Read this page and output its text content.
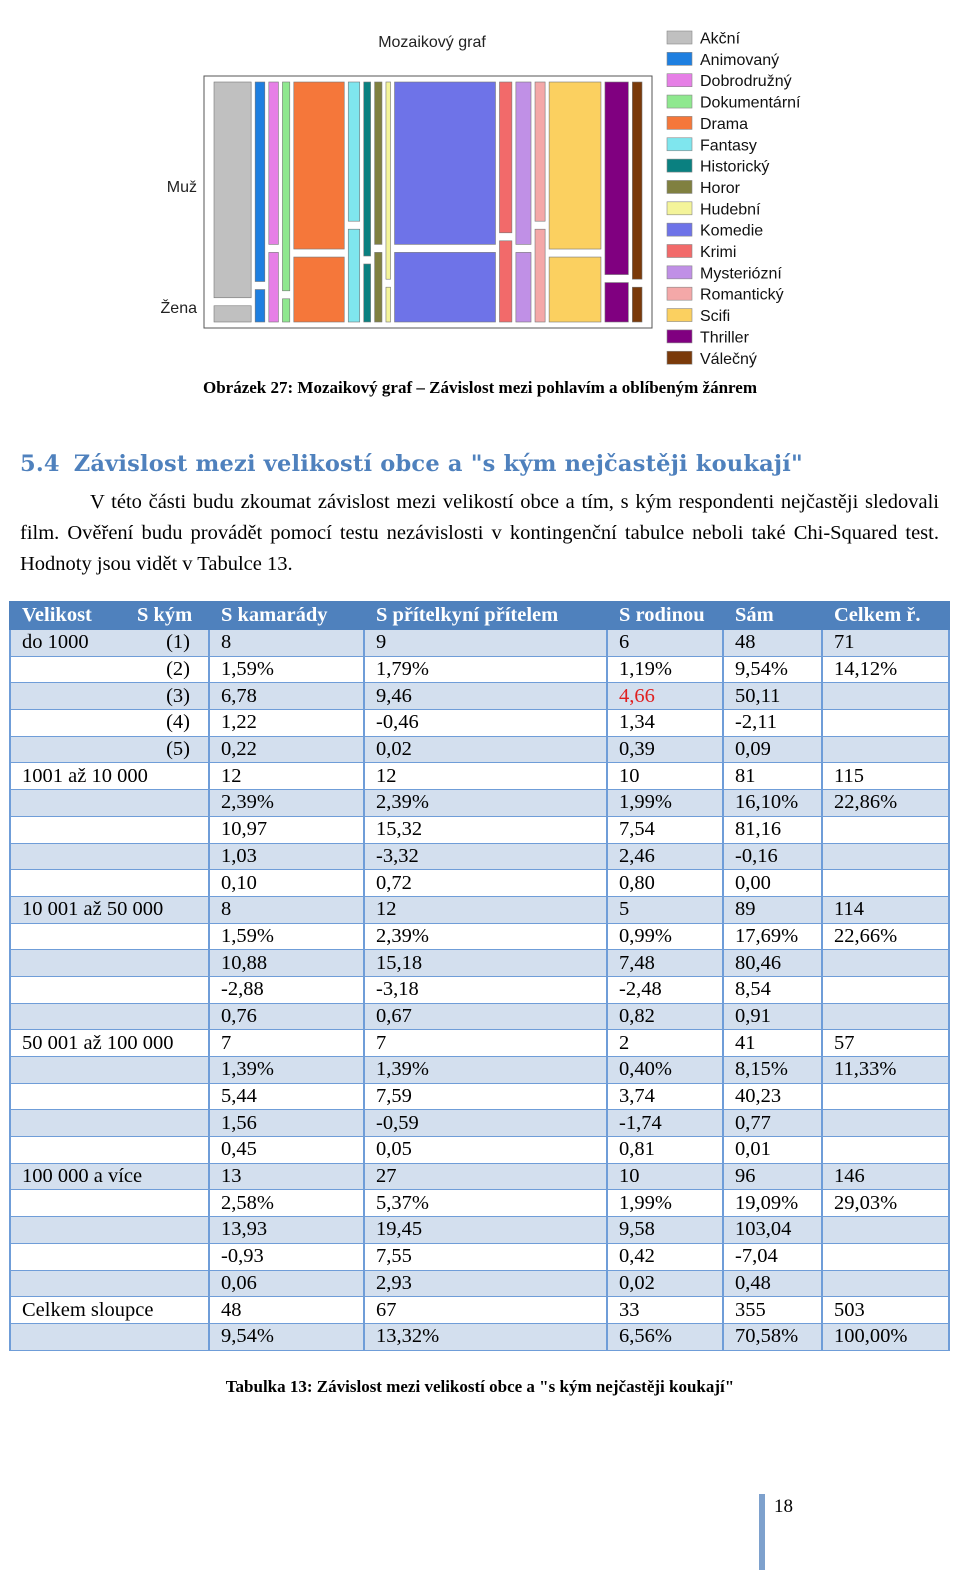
Mozaikový graf
Muž
Žena
Akční
Animovaný
Dobrodružný
Dokumentární
Drama
Fantasy
Historický
Horor
Hudební
Komedie
Krimi
Mysteriózní
Romantický
Scifi
Thriller
Válečný
Obrázek 27: Mozaikový graf – Závislost mezi pohlavím a oblíbeným žánrem
5.4 Závislost mezi velikostí obce a "s kým nejčastěji koukají"
V této části budu zkoumat závislost mezi velikostí obce a tím, s kým respondenti nejčastěji sledovali film. Ověření budu provádět pomocí testu nezávislosti v kontingenční tabulce neboli také Chi-Squared test. Hodnoty jsou vidět v Tabulce 13.
Velikost	S kým	S kamarády	S přítelkyní přítelem	S rodinou	Sám	Celkem ř.
do 1000	(1)	8	9	6	48	71
	(2)	1,59%	1,79%	1,19%	9,54%	14,12%
	(3)	6,78	9,46	4,66	50,11	
	(4)	1,22	-0,46	1,34	-2,11	
	(5)	0,22	0,02	0,39	0,09	
1001 až 10 000		12	12	10	81	115
		2,39%	2,39%	1,99%	16,10%	22,86%
		10,97	15,32	7,54	81,16	
		1,03	-3,32	2,46	-0,16	
		0,10	0,72	0,80	0,00	
10 001 až 50 000		8	12	5	89	114
		1,59%	2,39%	0,99%	17,69%	22,66%
		10,88	15,18	7,48	80,46	
		-2,88	-3,18	-2,48	8,54	
		0,76	0,67	0,82	0,91	
50 001 až 100 000		7	7	2	41	57
		1,39%	1,39%	0,40%	8,15%	11,33%
		5,44	7,59	3,74	40,23	
		1,56	-0,59	-1,74	0,77	
		0,45	0,05	0,81	0,01	
100 000 a více		13	27	10	96	146
		2,58%	5,37%	1,99%	19,09%	29,03%
		13,93	19,45	9,58	103,04	
		-0,93	7,55	0,42	-7,04	
		0,06	2,93	0,02	0,48	
Celkem sloupce		48	67	33	355	503
		9,54%	13,32%	6,56%	70,58%	100,00%
Tabulka 13: Závislost mezi velikostí obce a "s kým nejčastěji koukají"
18
